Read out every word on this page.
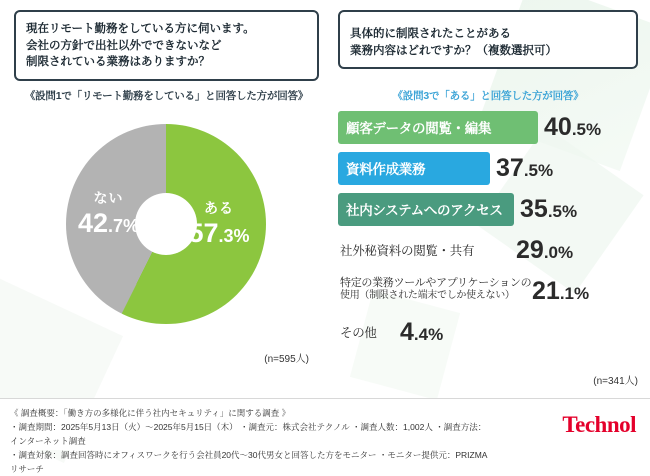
現在リモート勤務をしている方に伺います。
会社の方針で出社以外でできないなど
制限されている業務はありますか？
《設問1で「リモート勤務をしている」と回答した方が回答》
具体的に制限されたことがある
業務内容はどれですか？（複数選択可）
《設問3で「ある」と回答した方が回答》
ある
57.3%
ない
42.7%
(n=595人)
顧客データの閲覧・編集 40.5%
資料作成業務	37.5%
社内システムへのアクセス 35.5%
社外秘資料の閲覧・共有 29.0%
特定の業務ツールやアプリケーションの
使用（制限された端末でしか使えない） 21.1%
その他 4.4%
(n=341人)
《 調査概要：「働き方の多様化に伴う社内セキュリティ」に関する調査 》
・調査期間：2025年5月13日（火）〜2025年5月15日（木） ・調査元：株式会社テクノル ・調査人数：1,002人 ・調査方法：インターネット調査
・調査対象：調査回答時にオフィスワークを行う会社員20代〜30代男女と回答した方をモニター ・モニター提供元：PRIZMAリサーチ
Technol
